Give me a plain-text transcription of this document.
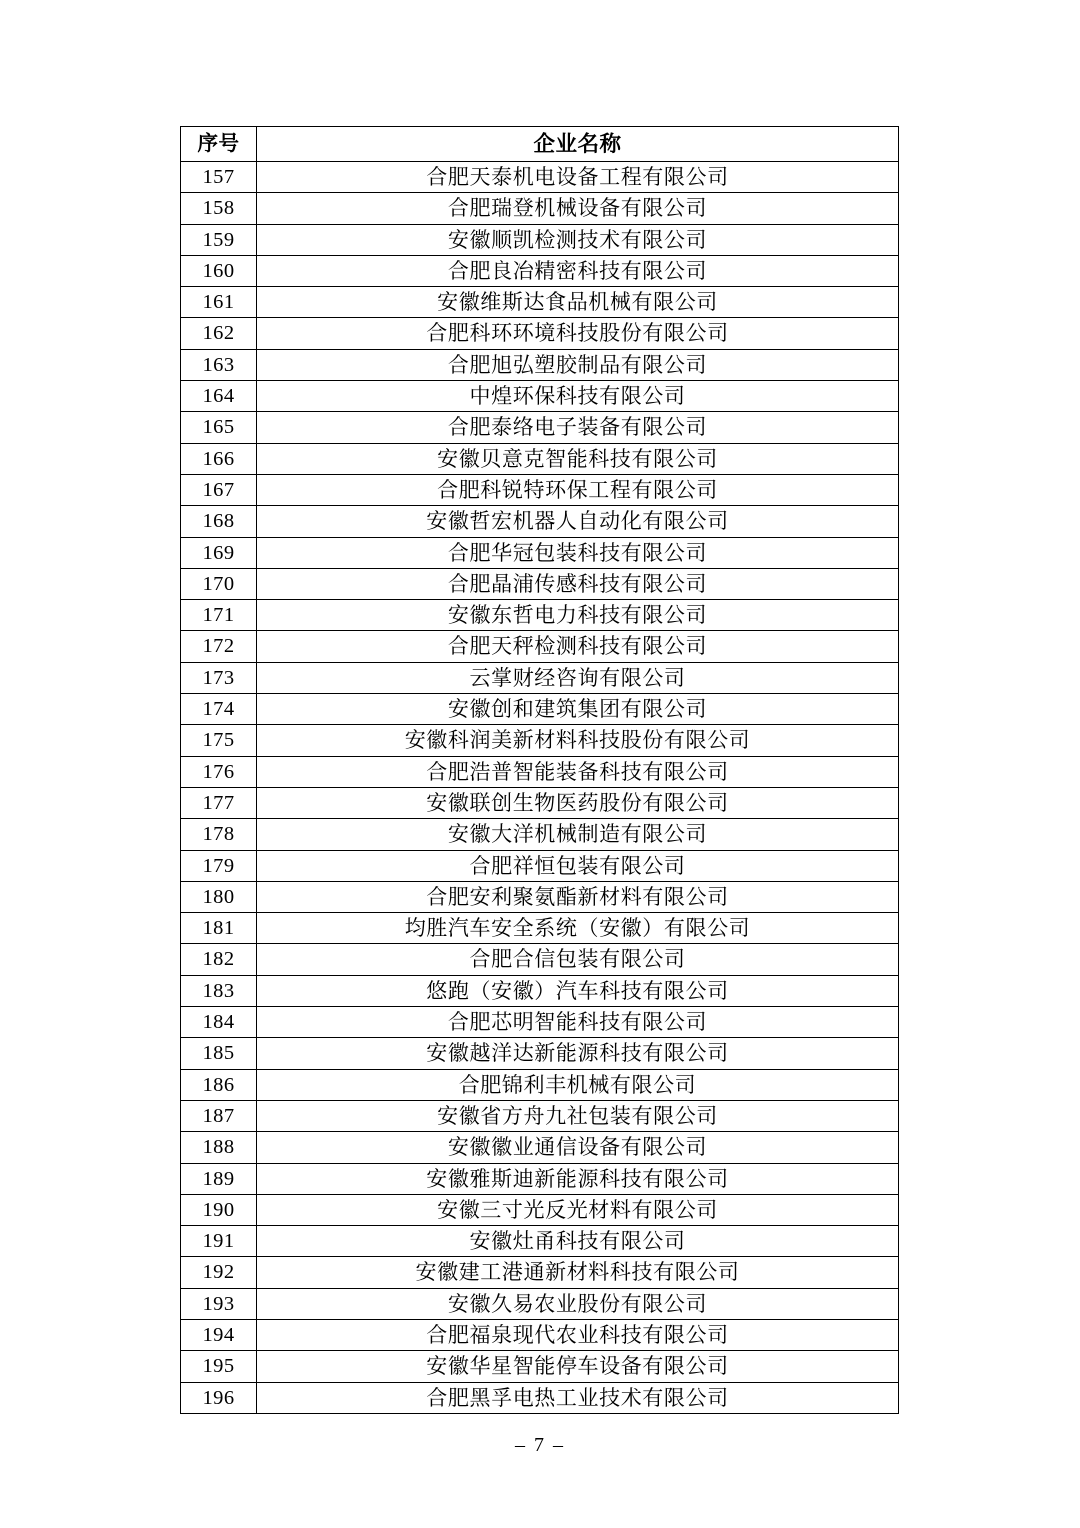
序号	企业名称
157	合肥天泰机电设备工程有限公司
158	合肥瑞登机械设备有限公司
159	安徽顺凯检测技术有限公司
160	合肥良冶精密科技有限公司
161	安徽维斯达食品机械有限公司
162	合肥科环环境科技股份有限公司
163	合肥旭弘塑胶制品有限公司
164	中煌环保科技有限公司
165	合肥泰络电子装备有限公司
166	安徽贝意克智能科技有限公司
167	合肥科锐特环保工程有限公司
168	安徽哲宏机器人自动化有限公司
169	合肥华冠包装科技有限公司
170	合肥晶浦传感科技有限公司
171	安徽东哲电力科技有限公司
172	合肥天秤检测科技有限公司
173	云掌财经咨询有限公司
174	安徽创和建筑集团有限公司
175	安徽科润美新材料科技股份有限公司
176	合肥浩普智能装备科技有限公司
177	安徽联创生物医药股份有限公司
178	安徽大洋机械制造有限公司
179	合肥祥恒包装有限公司
180	合肥安利聚氨酯新材料有限公司
181	均胜汽车安全系统（安徽）有限公司
182	合肥合信包装有限公司
183	悠跑（安徽）汽车科技有限公司
184	合肥芯明智能科技有限公司
185	安徽越洋达新能源科技有限公司
186	合肥锦利丰机械有限公司
187	安徽省方舟九社包装有限公司
188	安徽徽业通信设备有限公司
189	安徽雅斯迪新能源科技有限公司
190	安徽三寸光反光材料有限公司
191	安徽灶甬科技有限公司
192	安徽建工港通新材料科技有限公司
193	安徽久易农业股份有限公司
194	合肥福泉现代农业科技有限公司
195	安徽华星智能停车设备有限公司
196	合肥黑孚电热工业技术有限公司
– 7 –
